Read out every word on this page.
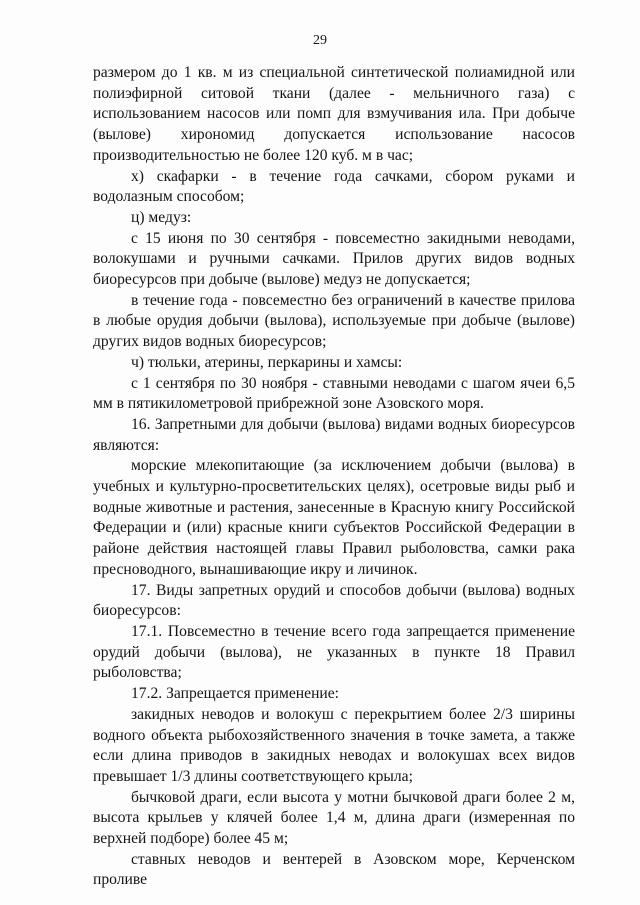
29

размером до 1 кв. м из специальной синтетической полиамидной или полиэфирной ситовой ткани (далее - мельничного газа) с использованием насосов или помп для взмучивания ила. При добыче (вылове) хирономид допускается использование насосов производительностью не более 120 куб. м в час;

х) скафарки - в течение года сачками, сбором руками и водолазным способом;

ц) медуз:

с 15 июня по 30 сентября - повсеместно закидными неводами, волокушами и ручными сачками. Прилов других видов водных биоресурсов при добыче (вылове) медуз не допускается;

в течение года - повсеместно без ограничений в качестве прилова в любые орудия добычи (вылова), используемые при добыче (вылове) других видов водных биоресурсов;

ч) тюльки, атерины, перкарины и хамсы:

с 1 сентября по 30 ноября - ставными неводами с шагом ячеи 6,5 мм в пятикилометровой прибрежной зоне Азовского моря.

16. Запретными для добычи (вылова) видами водных биоресурсов являются:

морские млекопитающие (за исключением добычи (вылова) в учебных и культурно-просветительских целях), осетровые виды рыб и водные животные и растения, занесенные в Красную книгу Российской Федерации и (или) красные книги субъектов Российской Федерации в районе действия настоящей главы Правил рыболовства, самки рака пресноводного, вынашивающие икру и личинок.

17. Виды запретных орудий и способов добычи (вылова) водных биоресурсов:

17.1. Повсеместно в течение всего года запрещается применение орудий добычи (вылова), не указанных в пункте 18 Правил рыболовства;

17.2. Запрещается применение:

закидных неводов и волокуш с перекрытием более 2/3 ширины водного объекта рыбохозяйственного значения в точке замета, а также если длина приводов в закидных неводах и волокушах всех видов превышает 1/3 длины соответствующего крыла;

бычковой драги, если высота у мотни бычковой драги более 2 м, высота крыльев у клячей более 1,4 м, длина драги (измеренная по верхней подборе) более 45 м;

ставных неводов и вентерей в Азовском море, Керченском проливе
